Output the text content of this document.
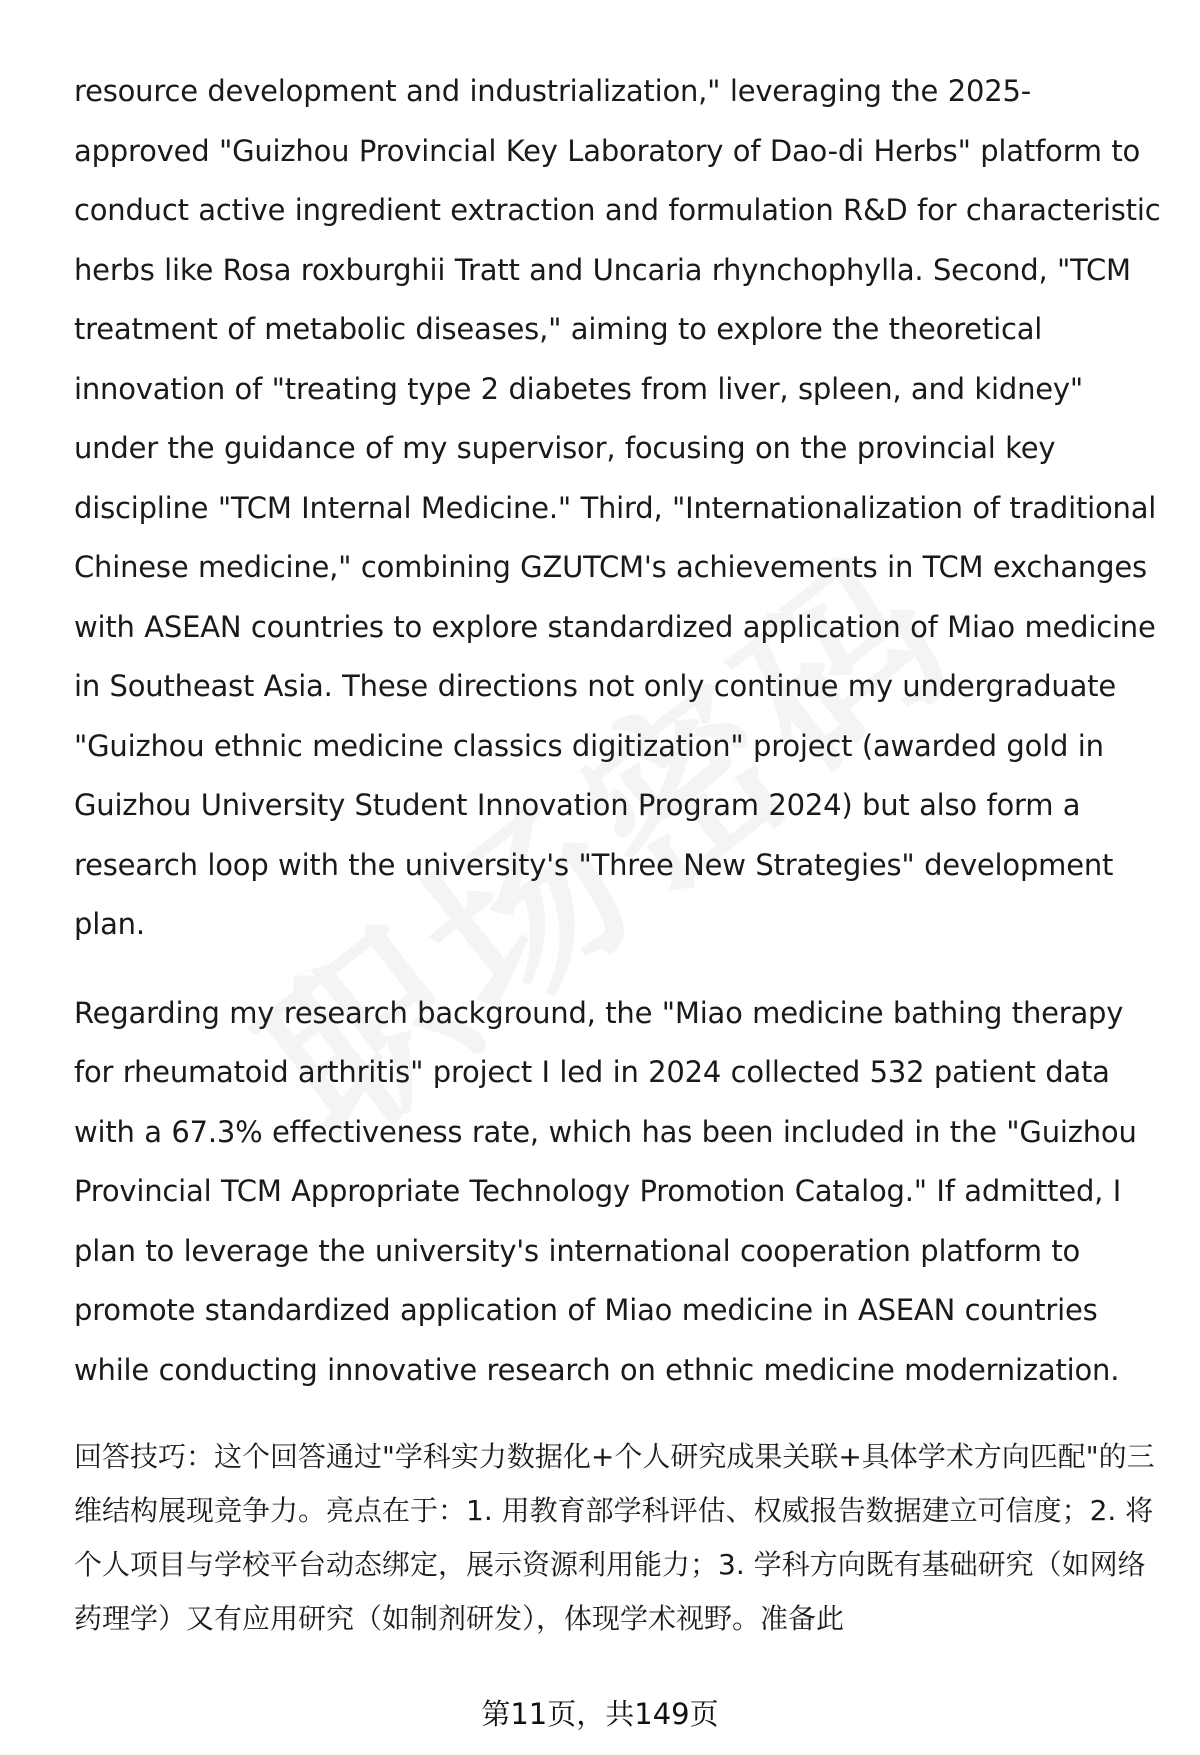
resource development and industrialization," leveraging the 2025-approved "Guizhou Provincial Key Laboratory of Dao-di Herbs" platform to conduct active ingredient extraction and formulation R&D for characteristic herbs like Rosa roxburghii Tratt and Uncaria rhynchophylla. Second, "TCM treatment of metabolic diseases," aiming to explore the theoretical innovation of "treating type 2 diabetes from liver, spleen, and kidney" under the guidance of my supervisor, focusing on the provincial key discipline "TCM Internal Medicine." Third, "Internationalization of traditional Chinese medicine," combining GZUTCM's achievements in TCM exchanges with ASEAN countries to explore standardized application of Miao medicine in Southeast Asia. These directions not only continue my undergraduate "Guizhou ethnic medicine classics digitization" project (awarded gold in Guizhou University Student Innovation Program 2024) but also form a research loop with the university's "Three New Strategies" development plan.

Regarding my research background, the "Miao medicine bathing therapy for rheumatoid arthritis" project I led in 2024 collected 532 patient data with a 67.3% effectiveness rate, which has been included in the "Guizhou Provincial TCM Appropriate Technology Promotion Catalog." If admitted, I plan to leverage the university's international cooperation platform to promote standardized application of Miao medicine in ASEAN countries while conducting innovative research on ethnic medicine modernization.

回答技巧：这个回答通过"学科实力数据化+个人研究成果关联+具体学术方向匹配"的三维结构展现竞争力。亮点在于：1. 用教育部学科评估、权威报告数据建立可信度；2. 将个人项目与学校平台动态绑定，展示资源利用能力；3. 学科方向既有基础研究（如网络药理学）又有应用研究（如制剂研发），体现学术视野。准备此

第11页，共149页
